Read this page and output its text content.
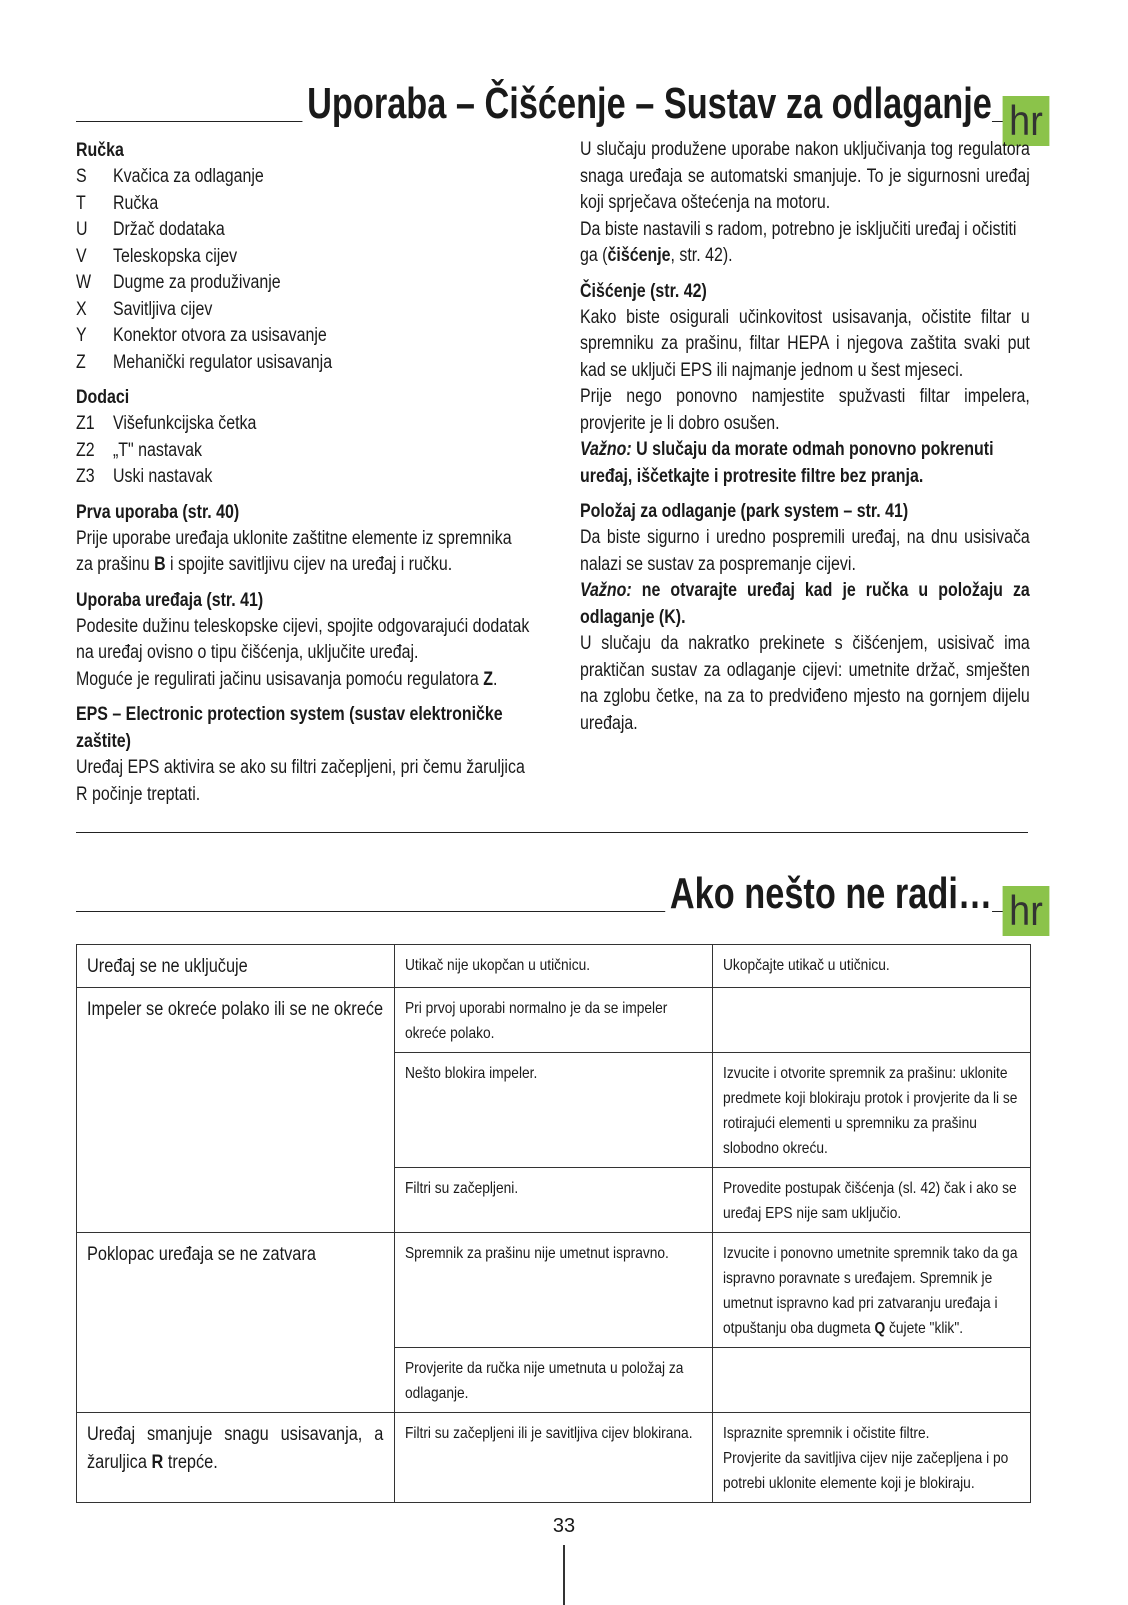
Uporaba – Čišćenje – Sustav za odlaganje hr
Ručka
S	Kvačica za odlaganje
T	Ručka
U	Držač dodataka
V	Teleskopska cijev
W	Dugme za produživanje
X	Savitljiva cijev
Y	Konektor otvora za usisavanje
Z	Mehanički regulator usisavanja
Dodaci
Z1 Višefunkcijska četka
Z2 „T" nastavak
Z3 Uski nastavak
Prva uporaba (str. 40)

Prije uporabe uređaja uklonite zaštitne elemente iz spremnika za prašinu B i spojite savitljivu cijev na uređaj i ručku.

Uporaba uređaja (str. 41)

Podesite dužinu teleskopske cijevi, spojite odgovarajući dodatak na uređaj ovisno o tipu čišćenja, uključite uređaj.

Moguće je regulirati jačinu usisavanja pomoću regulatora Z.

EPS – Electronic protection system (sustav elektroničke zaštite)

Uređaj EPS aktivira se ako su filtri začepljeni, pri čemu žaruljica R počinje treptati.

U slučaju produžene uporabe nakon uključivanja tog regulatora snaga uređaja se automatski smanjuje. To je sigurnosni uređaj koji sprječava oštećenja na motoru.

Da biste nastavili s radom, potrebno je isključiti uređaj i očistiti ga (čišćenje, str. 42).

Čišćenje (str. 42)

Kako biste osigurali učinkovitost usisavanja, očistite filtar u spremniku za prašinu, filtar HEPA i njegova zaštita svaki put kad se uključi EPS ili najmanje jednom u šest mjeseci.

Prije nego ponovno namjestite spužvasti filtar impelera, provjerite je li dobro osušen.

Važno: U slučaju da morate odmah ponovno pokrenuti uređaj, iščetkajte i protresite filtre bez pranja.

Položaj za odlaganje (park system – str. 41)

Da biste sigurno i uredno pospremili uređaj, na dnu usisivača nalazi se sustav za pospremanje cijevi.

Važno: ne otvarajte uređaj kad je ručka u položaju za odlaganje (K).

U slučaju da nakratko prekinete s čišćenjem, usisivač ima praktičan sustav za odlaganje cijevi: umetnite držač, smješten na zglobu četke, na za to predviđeno mjesto na gornjem dijelu uređaja.

Ako nešto ne radi… hr
Uređaj se ne uključuje	Utikač nije ukopčan u utičnicu.	Ukopčajte utikač u utičnicu.

Impeler se okreće polako ili se ne okreće	Pri prvoj uporabi normalno je da se impeler okreće polako.	

	Nešto blokira impeler.	Izvucite i otvorite spremnik za prašinu: uklonite predmete koji blokiraju protok i provjerite da li se rotirajući elementi u spremniku za prašinu slobodno okreću.

	Filtri su začepljeni.	Provedite postupak čišćenja (sl. 42) čak i ako se uređaj EPS nije sam uključio.

Poklopac uređaja se ne zatvara	Spremnik za prašinu nije umetnut ispravno.	Izvucite i ponovno umetnite spremnik tako da ga ispravno poravnate s uređajem. Spremnik je umetnut ispravno kad pri zatvaranju uređaja i otpuštanju oba dugmeta Q čujete "klik".

	Provjerite da ručka nije umetnuta u položaj za odlaganje.	

Uređaj smanjuje snagu usisavanja, a žaruljica R trepće.	Filtri su začepljeni ili je savitljiva cijev blokirana.	Ispraznite spremnik i očistite filtre.
Provjerite da savitljiva cijev nije začepljena i po potrebi uklonite elemente koji je blokiraju.
33
